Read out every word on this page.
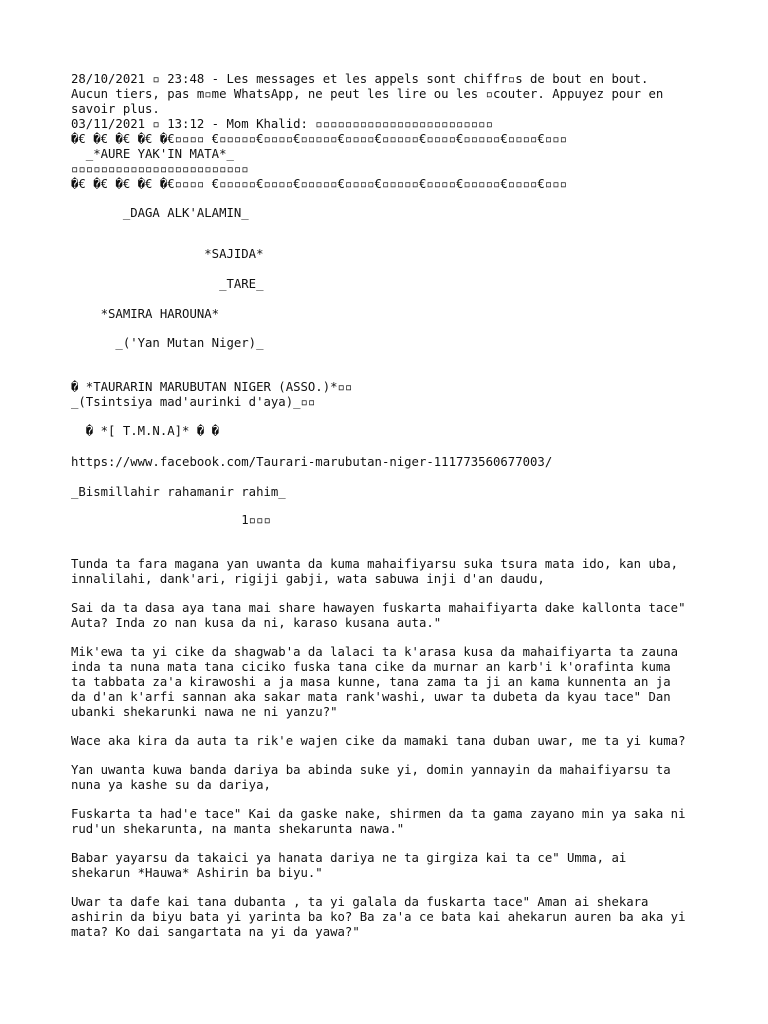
28/10/2021 ▫ 23:48 - Les messages et les appels sont chiffr▫s de bout en bout.
Aucun tiers, pas m▫me WhatsApp, ne peut les lire ou les ▫couter. Appuyez pour en
savoir plus.
03/11/2021 ▫ 13:12 - Mom Khalid: ▫▫▫▫▫▫▫▫▫▫▫▫▫▫▫▫▫▫▫▫▫▫▫▫
�€ �€ �€ �€ �€▫▫▫▫ €▫▫▫▫▫€▫▫▫▫€▫▫▫▫▫€▫▫▫▫€▫▫▫▫▫€▫▫▫▫€▫▫▫▫▫€▫▫▫▫€▫▫▫
_*AURE YAK'IN MATA*_
▫▫▫▫▫▫▫▫▫▫▫▫▫▫▫▫▫▫▫▫▫▫▫▫
�€ �€ �€ �€ �€▫▫▫▫ €▫▫▫▫▫€▫▫▫▫€▫▫▫▫▫€▫▫▫▫€▫▫▫▫▫€▫▫▫▫€▫▫▫▫▫€▫▫▫▫€▫▫▫
_DAGA ALK'ALAMIN_
*SAJIDA*
_TARE_
*SAMIRA HAROUNA*
_('Yan Mutan Niger)_
� *TAURARIN MARUBUTAN NIGER (ASSO.)*▫▫
_(Tsintsiya mad'aurinki d'aya)_▫▫
� *[ T.M.N.A]* � �
https://www.facebook.com/Taurari-marubutan-niger-111773560677003/
_Bismillahir rahamanir rahim_
1▫▫▫
Tunda ta fara magana yan uwanta da kuma mahaifiyarsu suka tsura mata ido, kan uba,
innalilahi, dank'ari, rigiji gabji, wata sabuwa inji d'an daudu,
Sai da ta dasa aya tana mai share hawayen fuskarta mahaifiyarta dake kallonta tace"
Auta? Inda zo nan kusa da ni, karaso kusana auta."
Mik'ewa ta yi cike da shagwab'a da lalaci ta k'arasa kusa da mahaifiyarta ta zauna
inda ta nuna mata tana ciciko fuska tana cike da murnar an karb'i k'orafinta kuma
ta tabbata za'a kirawoshi a ja masa kunne, tana zama ta ji an kama kunnenta an ja
da d'an k'arfi sannan aka sakar mata rank'washi, uwar ta dubeta da kyau tace" Dan
ubanki shekarunki nawa ne ni yanzu?"
Wace aka kira da auta ta rik'e wajen cike da mamaki tana duban uwar, me ta yi kuma?
Yan uwanta kuwa banda dariya ba abinda suke yi, domin yannayin da mahaifiyarsu ta
nuna ya kashe su da dariya,
Fuskarta ta had'e tace" Kai da gaske nake, shirmen da ta gama zayano min ya saka ni
rud'un shekarunta, na manta shekarunta nawa."
Babar yayarsu da takaici ya hanata dariya ne ta girgiza kai ta ce" Umma, ai
shekarun *Hauwa* Ashirin ba biyu."
Uwar ta dafe kai tana dubanta , ta yi galala da fuskarta tace" Aman ai shekara
ashirin da biyu bata yi yarinta ba ko? Ba za'a ce bata kai ahekarun auren ba aka yi
mata? Ko dai sangartata na yi da yawa?"
